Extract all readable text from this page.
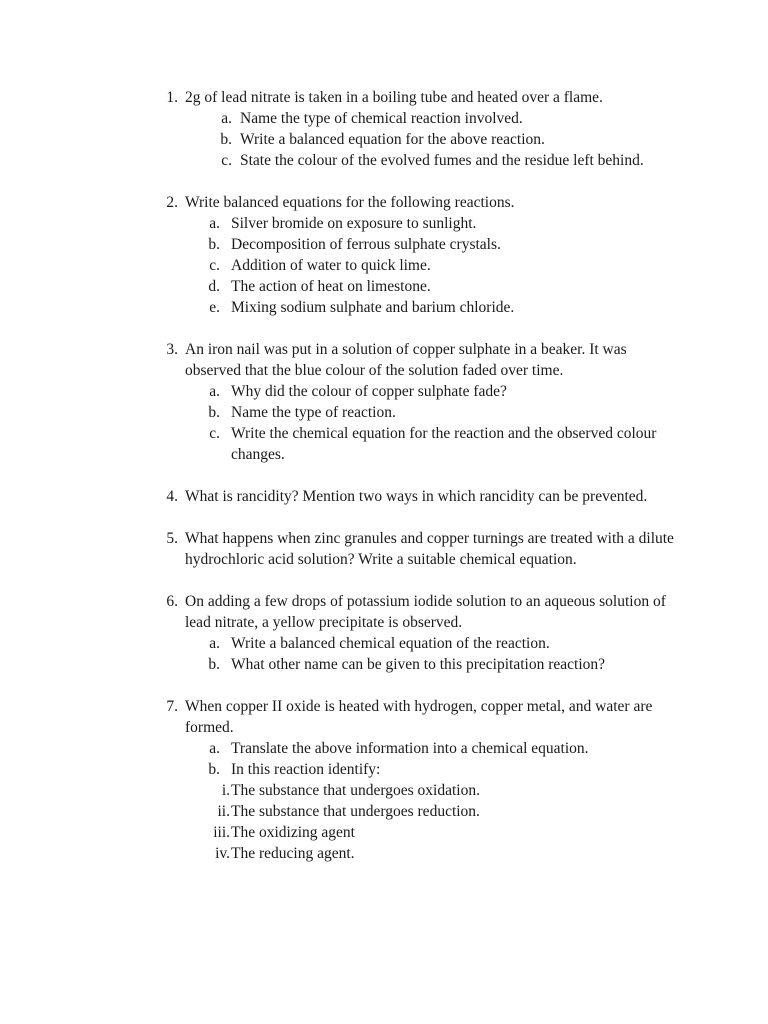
1. 2g of lead nitrate is taken in a boiling tube and heated over a flame.
a. Name the type of chemical reaction involved.
b. Write a balanced equation for the above reaction.
c. State the colour of the evolved fumes and the residue left behind.
2. Write balanced equations for the following reactions.
a. Silver bromide on exposure to sunlight.
b. Decomposition of ferrous sulphate crystals.
c. Addition of water to quick lime.
d. The action of heat on limestone.
e. Mixing sodium sulphate and barium chloride.
3. An iron nail was put in a solution of copper sulphate in a beaker. It was observed that the blue colour of the solution faded over time.
a. Why did the colour of copper sulphate fade?
b. Name the type of reaction.
c. Write the chemical equation for the reaction and the observed colour changes.
4. What is rancidity? Mention two ways in which rancidity can be prevented.
5. What happens when zinc granules and copper turnings are treated with a dilute hydrochloric acid solution? Write a suitable chemical equation.
6. On adding a few drops of potassium iodide solution to an aqueous solution of lead nitrate, a yellow precipitate is observed.
a. Write a balanced chemical equation of the reaction.
b. What other name can be given to this precipitation reaction?
7. When copper II oxide is heated with hydrogen, copper metal, and water are formed.
a. Translate the above information into a chemical equation.
b. In this reaction identify:
i. The substance that undergoes oxidation.
ii. The substance that undergoes reduction.
iii. The oxidizing agent
iv. The reducing agent.
